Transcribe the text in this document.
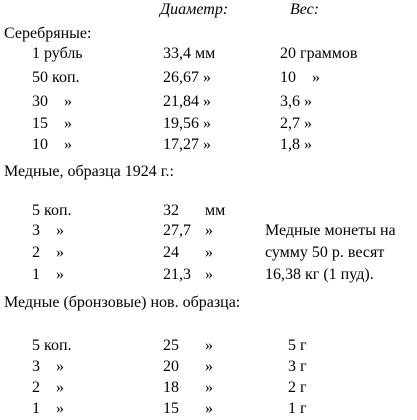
Диаметр:	Вес:
Серебряные:
1 рубль	33,4 мм	20 граммов
50 коп.	26,67 »	10    »
30    »	21,84 »	3,6 »
15    »	19,56 »	2,7 »
10    »	17,27 »	1,8 »
Медные, образца 1924 г.:
5 коп.	32 мм
3    »	27,7 »	Медные монеты на
2    »	24 »	сумму 50 р. весят
1    »	21,3 »	16,38 кг (1 пуд).
Медные (бронзовые) нов. образца:
5 коп.	25 »	5 г
3    »	20 »	3 г
2    »	18 »	2 г
1    »	15 »	1 г
